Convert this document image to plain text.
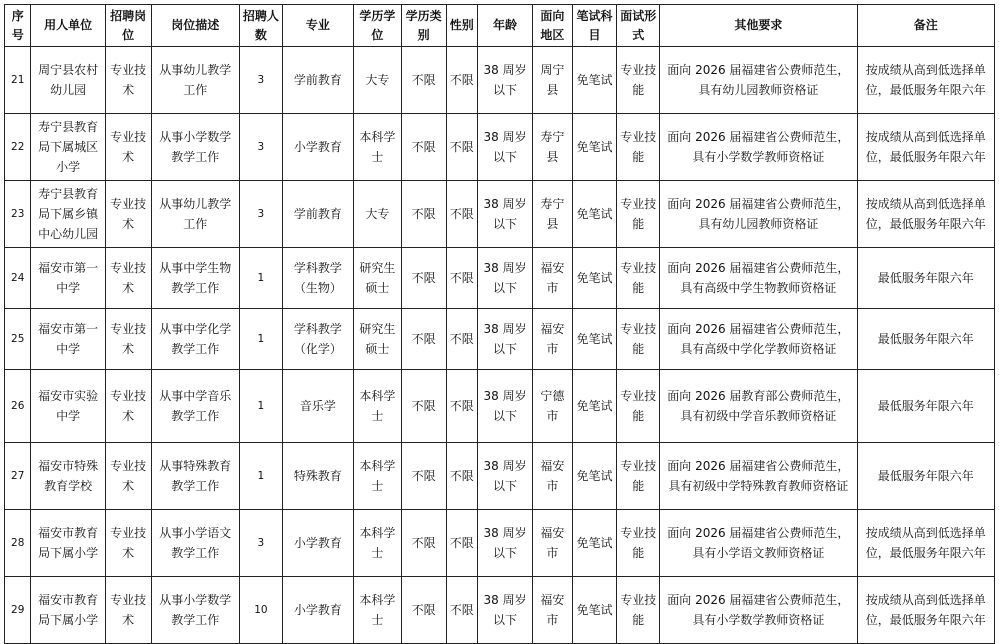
序号	用人单位	招聘岗位	岗位描述	招聘人数	专业	学历学位	学历类别	性别	年龄	面向地区	笔试科目	面试形式	其他要求	备注
21	周宁县农村幼儿园	专业技术	从事幼儿教学工作	3	学前教育	大专	不限	不限	38 周岁以下	周宁县	免笔试	专业技能	面向 2026 届福建省公费师范生，具有幼儿园教师资格证	按成绩从高到低选择单位，最低服务年限六年
22	寿宁县教育局下属城区小学	专业技术	从事小学数学教学工作	3	小学教育	本科学士	不限	不限	38 周岁以下	寿宁县	免笔试	专业技能	面向 2026 届福建省公费师范生，具有小学数学教师资格证	按成绩从高到低选择单位，最低服务年限六年
23	寿宁县教育局下属乡镇中心幼儿园	专业技术	从事幼儿教学工作	3	学前教育	大专	不限	不限	38 周岁以下	寿宁县	免笔试	专业技能	面向 2026 届福建省公费师范生，具有幼儿园教师资格证	按成绩从高到低选择单位，最低服务年限六年
24	福安市第一中学	专业技术	从事中学生物教学工作	1	学科教学（生物）	研究生硕士	不限	不限	38 周岁以下	福安市	免笔试	专业技能	面向 2026 届福建省公费师范生，具有高级中学生物教师资格证	最低服务年限六年
25	福安市第一中学	专业技术	从事中学化学教学工作	1	学科教学（化学）	研究生硕士	不限	不限	38 周岁以下	福安市	免笔试	专业技能	面向 2026 届福建省公费师范生，具有高级中学化学教师资格证	最低服务年限六年
26	福安市实验中学	专业技术	从事中学音乐教学工作	1	音乐学	本科学士	不限	不限	38 周岁以下	宁德市	免笔试	专业技能	面向 2026 届教育部公费师范生，具有初级中学音乐教师资格证	最低服务年限六年
27	福安市特殊教育学校	专业技术	从事特殊教育教学工作	1	特殊教育	本科学士	不限	不限	38 周岁以下	福安市	免笔试	专业技能	面向 2026 届福建省公费师范生，具有初级中学特殊教育教师资格证	最低服务年限六年
28	福安市教育局下属小学	专业技术	从事小学语文教学工作	3	小学教育	本科学士	不限	不限	38 周岁以下	福安市	免笔试	专业技能	面向 2026 届福建省公费师范生，具有小学语文教师资格证	按成绩从高到低选择单位，最低服务年限六年
29	福安市教育局下属小学	专业技术	从事小学数学教学工作	10	小学教育	本科学士	不限	不限	38 周岁以下	福安市	免笔试	专业技能	面向 2026 届福建省公费师范生，具有小学数学教师资格证	按成绩从高到低选择单位，最低服务年限六年
